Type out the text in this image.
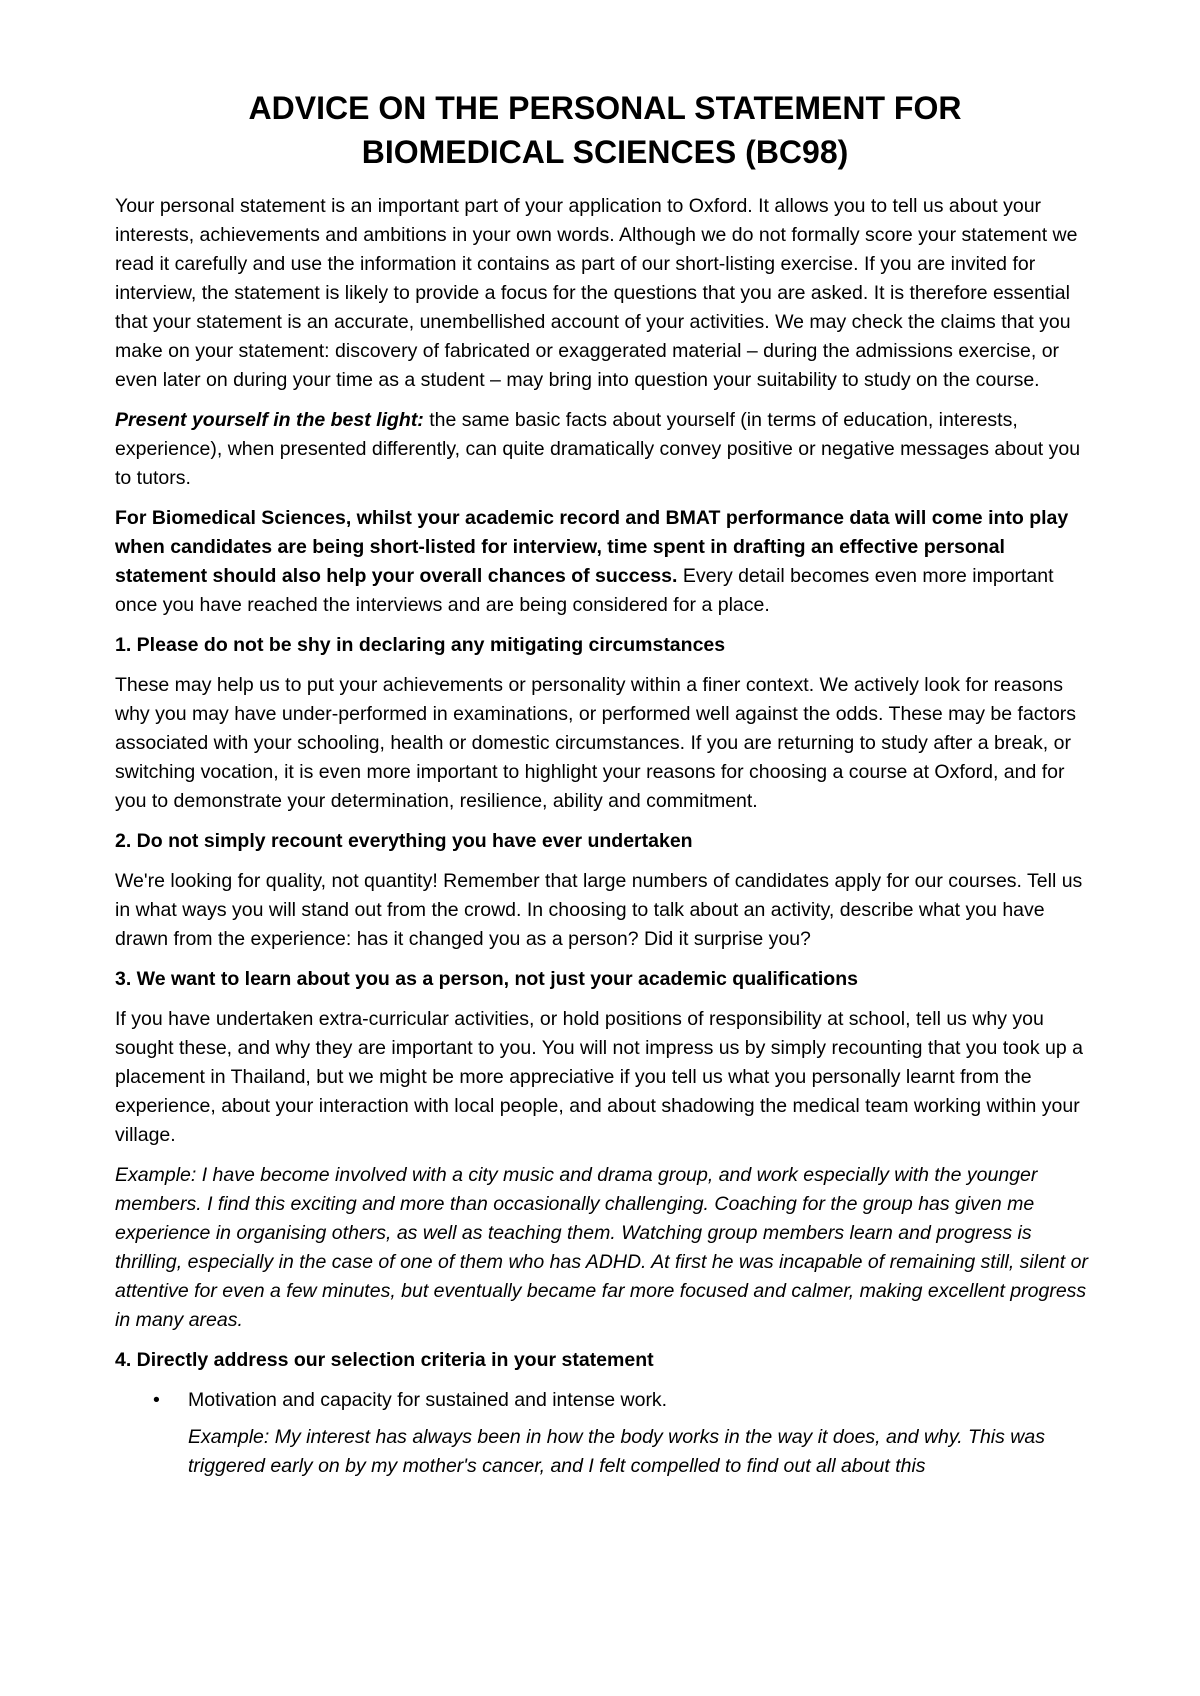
ADVICE ON THE PERSONAL STATEMENT FOR
BIOMEDICAL SCIENCES (BC98)

Your personal statement is an important part of your application to Oxford. It allows you to tell us about your interests, achievements and ambitions in your own words. Although we do not formally score your statement we read it carefully and use the information it contains as part of our short-listing exercise. If you are invited for interview, the statement is likely to provide a focus for the questions that you are asked. It is therefore essential that your statement is an accurate, unembellished account of your activities. We may check the claims that you make on your statement: discovery of fabricated or exaggerated material – during the admissions exercise, or even later on during your time as a student – may bring into question your suitability to study on the course.

Present yourself in the best light: the same basic facts about yourself (in terms of education, interests, experience), when presented differently, can quite dramatically convey positive or negative messages about you to tutors.

For Biomedical Sciences, whilst your academic record and BMAT performance data will come into play when candidates are being short-listed for interview, time spent in drafting an effective personal statement should also help your overall chances of success. Every detail becomes even more important once you have reached the interviews and are being considered for a place.

1. Please do not be shy in declaring any mitigating circumstances

These may help us to put your achievements or personality within a finer context. We actively look for reasons why you may have under-performed in examinations, or performed well against the odds. These may be factors associated with your schooling, health or domestic circumstances. If you are returning to study after a break, or switching vocation, it is even more important to highlight your reasons for choosing a course at Oxford, and for you to demonstrate your determination, resilience, ability and commitment.

2. Do not simply recount everything you have ever undertaken

We're looking for quality, not quantity! Remember that large numbers of candidates apply for our courses. Tell us in what ways you will stand out from the crowd. In choosing to talk about an activity, describe what you have drawn from the experience: has it changed you as a person? Did it surprise you?

3. We want to learn about you as a person, not just your academic qualifications

If you have undertaken extra-curricular activities, or hold positions of responsibility at school, tell us why you sought these, and why they are important to you. You will not impress us by simply recounting that you took up a placement in Thailand, but we might be more appreciative if you tell us what you personally learnt from the experience, about your interaction with local people, and about shadowing the medical team working within your village.

Example: I have become involved with a city music and drama group, and work especially with the younger members. I find this exciting and more than occasionally challenging. Coaching for the group has given me experience in organising others, as well as teaching them. Watching group members learn and progress is thrilling, especially in the case of one of them who has ADHD. At first he was incapable of remaining still, silent or attentive for even a few minutes, but eventually became far more focused and calmer, making excellent progress in many areas.

4. Directly address our selection criteria in your statement
• Motivation and capacity for sustained and intense work.
Example: My interest has always been in how the body works in the way it does, and why. This was triggered early on by my mother's cancer, and I felt compelled to find out all about this
